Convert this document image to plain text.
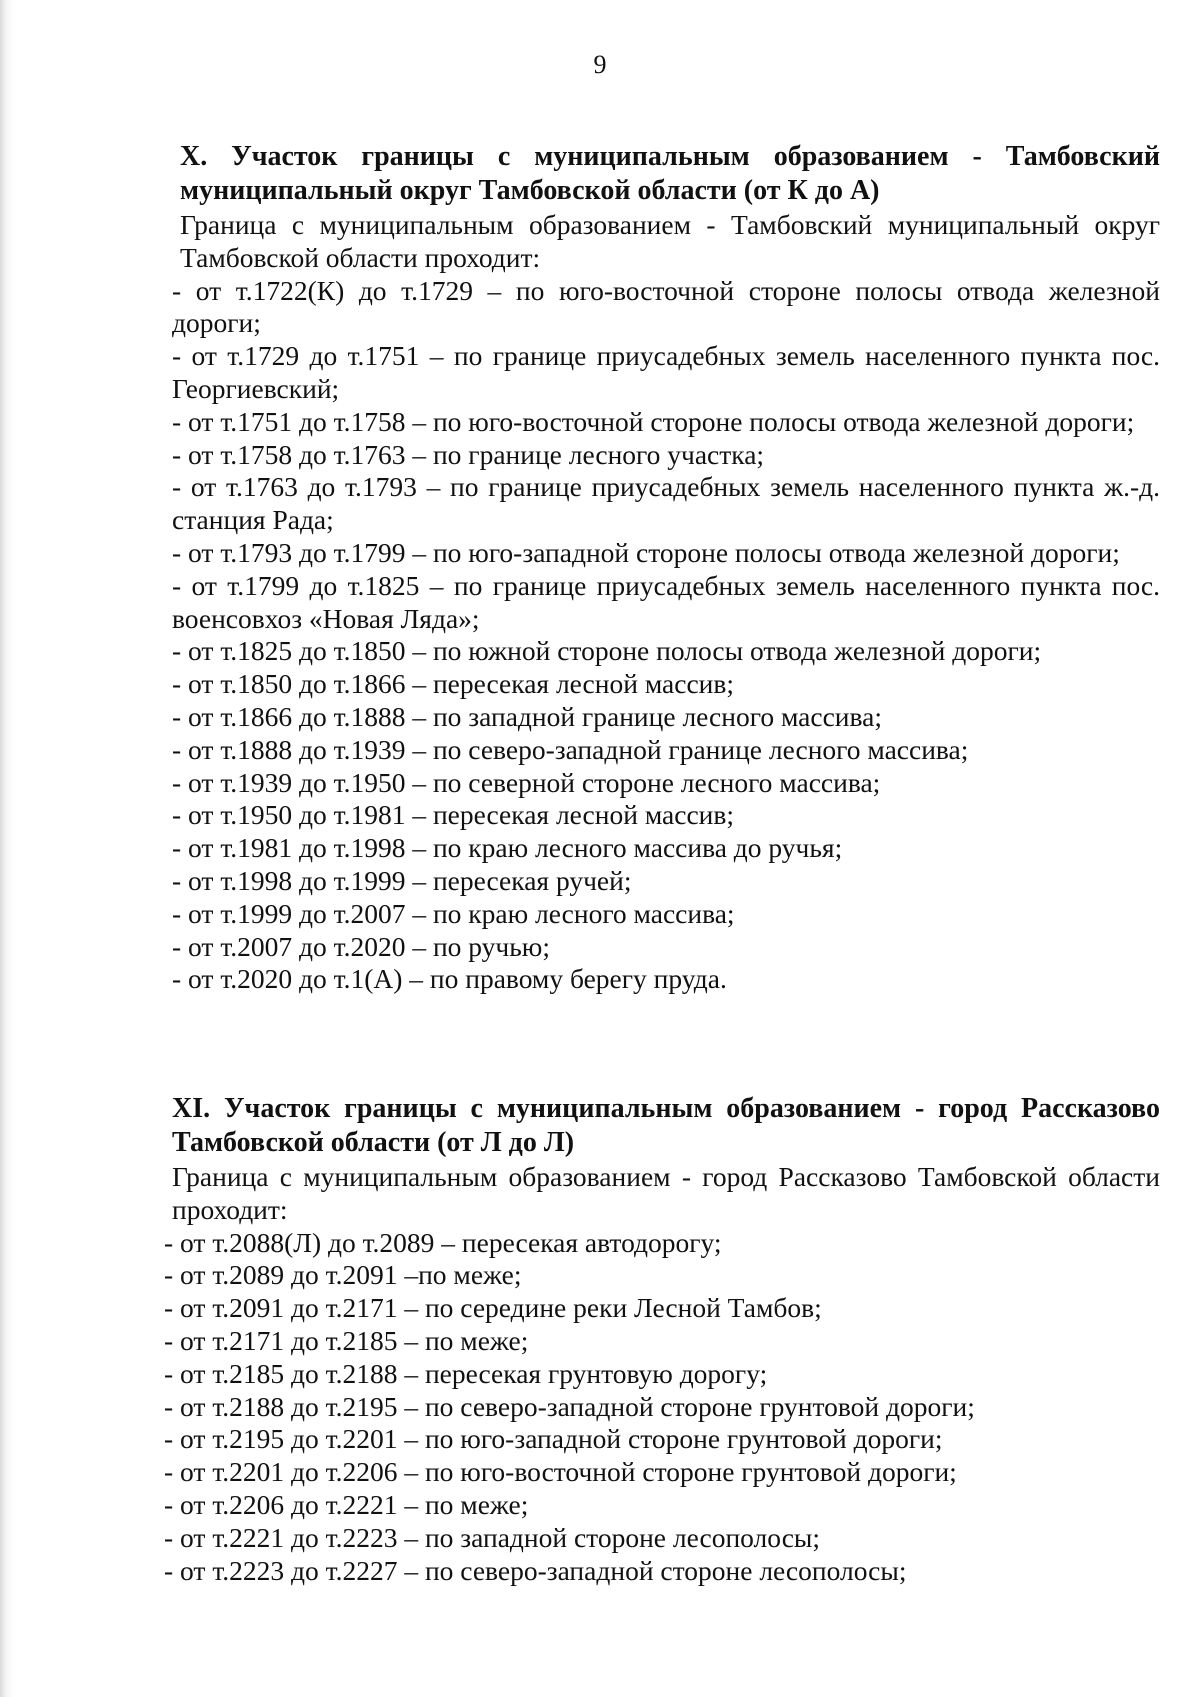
9
X. Участок границы с муниципальным образованием - Тамбовский муниципальный округ Тамбовской области (от К до А)
Граница с муниципальным образованием - Тамбовский муниципальный округ Тамбовской области проходит:
- от т.1722(К) до т.1729 – по юго-восточной стороне полосы отвода железной дороги;
- от т.1729 до т.1751 – по границе приусадебных земель населенного пункта пос. Георгиевский;
- от т.1751 до т.1758 – по юго-восточной стороне полосы отвода железной дороги;
- от т.1758 до т.1763 – по границе лесного участка;
- от т.1763 до т.1793 – по границе приусадебных земель населенного пункта ж.-д. станция Рада;
- от т.1793 до т.1799 – по юго-западной стороне полосы отвода железной дороги;
- от т.1799 до т.1825 – по границе приусадебных земель населенного пункта пос. военсовхоз «Новая Ляда»;
- от т.1825 до т.1850 – по южной стороне полосы отвода железной дороги;
- от т.1850 до т.1866 – пересекая лесной массив;
- от т.1866 до т.1888 – по западной границе лесного массива;
- от т.1888 до т.1939 – по северо-западной границе лесного массива;
- от т.1939 до т.1950 – по северной стороне лесного массива;
- от т.1950 до т.1981 – пересекая лесной массив;
- от т.1981 до т.1998 – по краю лесного массива до ручья;
- от т.1998 до т.1999 – пересекая ручей;
- от т.1999 до т.2007 – по краю лесного массива;
- от т.2007 до т.2020 – по ручью;
- от т.2020 до т.1(А) – по правому берегу пруда.
XI. Участок границы с муниципальным образованием - город Рассказово Тамбовской области (от Л до Л)
Граница с муниципальным образованием - город Рассказово Тамбовской области проходит:
- от т.2088(Л) до т.2089 – пересекая автодорогу;
- от т.2089 до т.2091 –по меже;
- от т.2091 до т.2171 – по середине реки Лесной Тамбов;
- от т.2171 до т.2185 – по меже;
- от т.2185 до т.2188 – пересекая грунтовую дорогу;
- от т.2188 до т.2195 – по северо-западной стороне грунтовой дороги;
- от т.2195 до т.2201 – по юго-западной стороне грунтовой дороги;
- от т.2201 до т.2206 – по юго-восточной стороне грунтовой дороги;
- от т.2206 до т.2221 – по меже;
- от т.2221 до т.2223 – по западной стороне лесополосы;
- от т.2223 до т.2227 – по северо-западной стороне лесополосы;
